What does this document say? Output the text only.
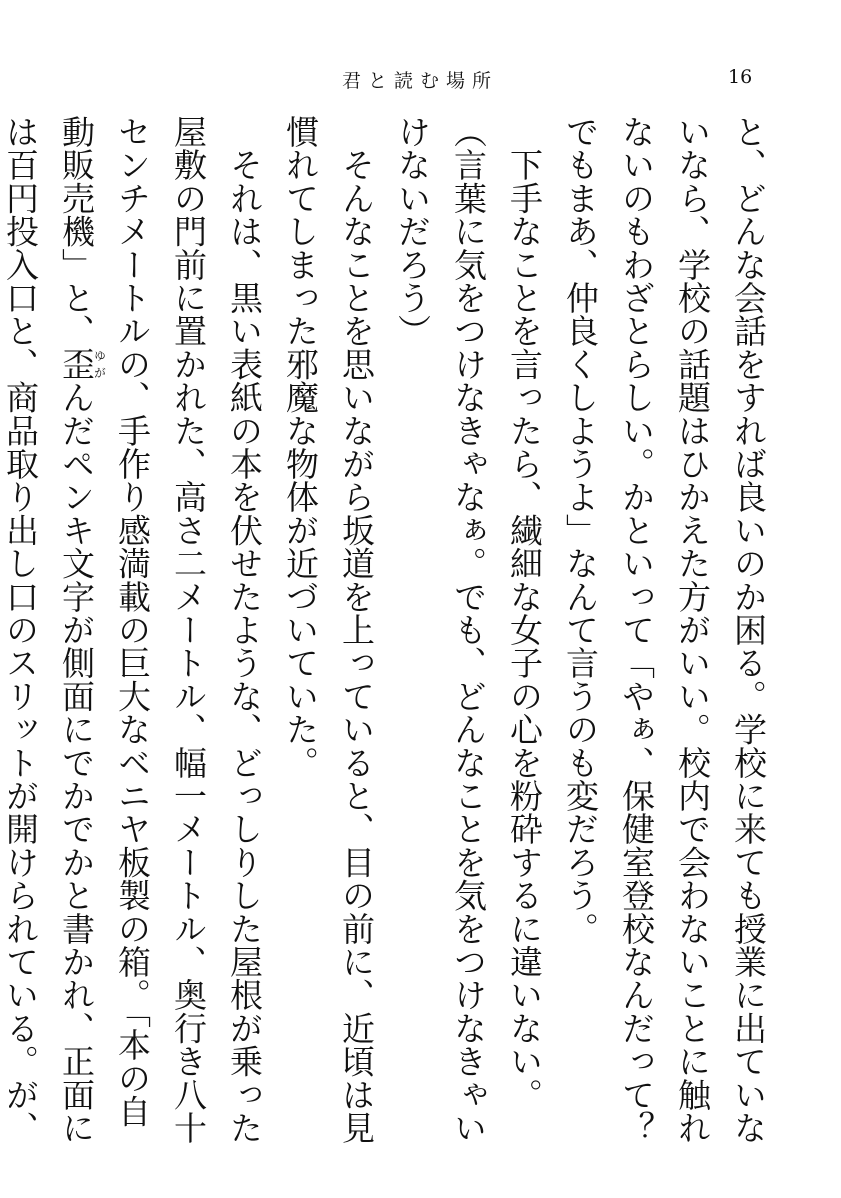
君と読む場所	16

と、どんな会話をすれば良いのか困る。学校に来ても授業に出ていないなら、学校の話題はひかえた方がいい。校内で会わないことに触れないのもわざとらしい。かといって「やぁ、保健室登校なんだって？　でもまあ、仲良くしようよ」なんて言うのも変だろう。

　下手なことを言ったら、繊細な女子の心を粉砕するに違いない。

（言葉に気をつけなきゃなぁ。でも、どんなことを気をつけなきゃいけないだろう）

　そんなことを思いながら坂道を上っていると、目の前に、近頃は見慣れてしまった邪魔な物体が近づいていた。

　それは、黒い表紙の本を伏せたような、どっしりした屋根が乗った屋敷の門前に置かれた、高さ二メートル、幅一メートル、奥行き八十センチメートルの、手作り感満載の巨大なベニヤ板製の箱。「本の自動販売機」と、歪ゆがんだペンキ文字が側面にでかでかと書かれ、正面には百円投入口と、商品取り出し口のスリットが開けられている。が、
